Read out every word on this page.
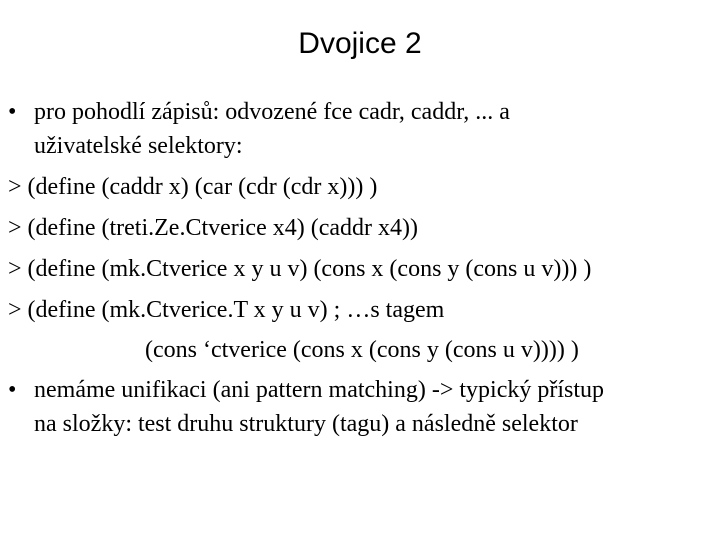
Dvojice 2
• pro pohodlí zápisů: odvozené fce cadr, caddr, ... a
uživatelské selektory:
> (define (caddr x) (car (cdr (cdr x))) )
> (define (treti.Ze.Ctverice x4) (caddr x4))
> (define (mk.Ctverice x y u v) (cons x (cons y (cons u v))) )
> (define (mk.Ctverice.T x y u v) ; …s tagem
(cons ‘ctverice (cons x (cons y (cons u v)))) )
• nemáme unifikaci (ani pattern matching) -> typický přístup
na složky: test druhu struktury (tagu) a následně selektor
